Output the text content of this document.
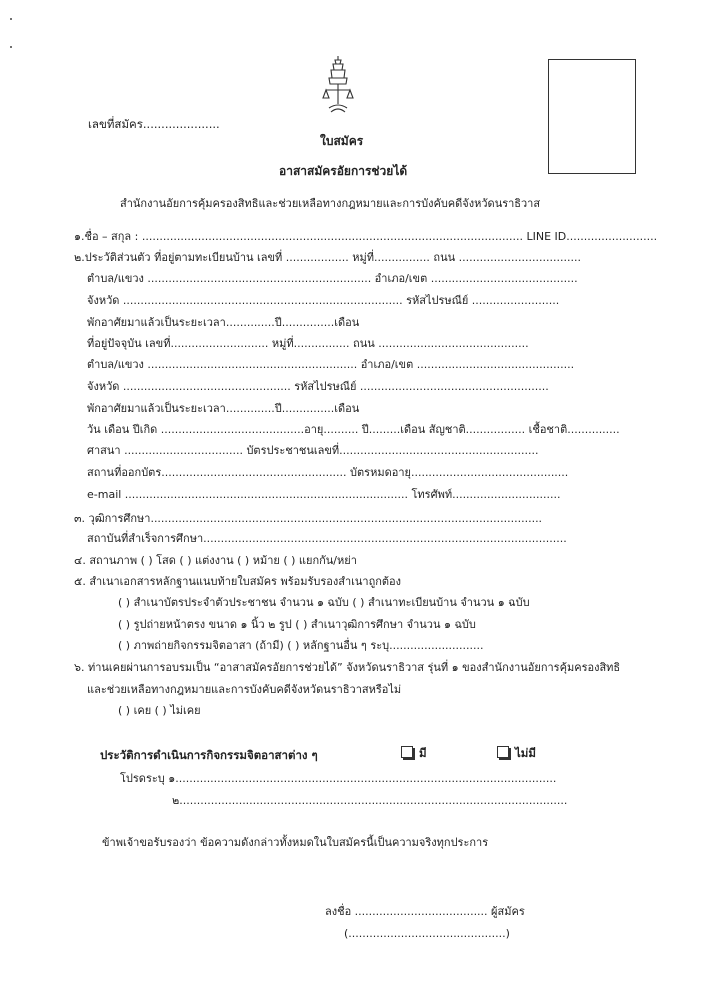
เลขที่สมัคร.....................
ใบสมัคร
อาสาสมัครอัยการช่วยได้
สำนักงานอัยการคุ้มครองสิทธิและช่วยเหลือทางกฎหมายและการบังคับคดีจังหวัดนราธิวาส
๑.ชื่อ – สกุล : ............................................................................................................. LINE ID..........................
๒.ประวัติส่วนตัว ที่อยู่ตามทะเบียนบ้าน เลขที่ .................. หมู่ที่................ ถนน ...................................
ตำบล/แขวง ................................................................ อำเภอ/เขต ..........................................
จังหวัด ................................................................................ รหัสไปรษณีย์ .........................
พักอาศัยมาแล้วเป็นระยะเวลา..............ปี...............เดือน
ที่อยู่ปัจจุบัน เลขที่............................ หมู่ที่................ ถนน ...........................................
ตำบล/แขวง ............................................................ อำเภอ/เขต .............................................
จังหวัด ................................................ รหัสไปรษณีย์ ......................................................
พักอาศัยมาแล้วเป็นระยะเวลา..............ปี...............เดือน
วัน เดือน ปีเกิด .........................................อายุ.......... ปี.........เดือน สัญชาติ................. เชื้อชาติ...............
ศาสนา .................................. บัตรประชาชนเลขที่.........................................................
สถานที่ออกบัตร..................................................... บัตรหมดอายุ.............................................
e-mail ................................................................................. โทรศัพท์...............................
๓. วุฒิการศึกษา................................................................................................................
สถาบันที่สำเร็จการศึกษา........................................................................................................
๔. สถานภาพ ( ) โสด ( ) แต่งงาน ( ) หม้าย ( ) แยกกัน/หย่า
๕. สำเนาเอกสารหลักฐานแนบท้ายใบสมัคร พร้อมรับรองสำเนาถูกต้อง
( ) สำเนาบัตรประจำตัวประชาชน จำนวน ๑ ฉบับ ( ) สำเนาทะเบียนบ้าน จำนวน ๑ ฉบับ
( ) รูปถ่ายหน้าตรง ขนาด ๑ นิ้ว ๒ รูป ( ) สำเนาวุฒิการศึกษา จำนวน ๑ ฉบับ
( ) ภาพถ่ายกิจกรรมจิตอาสา (ถ้ามี) ( ) หลักฐานอื่น ๆ ระบุ...........................
๖. ท่านเคยผ่านการอบรมเป็น “อาสาสมัครอัยการช่วยได้” จังหวัดนราธิวาส รุ่นที่ ๑ ของสำนักงานอัยการคุ้มครองสิทธิ
และช่วยเหลือทางกฎหมายและการบังคับคดีจังหวัดนราธิวาสหรือไม่
( ) เคย ( ) ไม่เคย
ประวัติการดำเนินการกิจกรรมจิตอาสาต่าง ๆ	มี	ไม่มี
โปรดระบุ ๑.............................................................................................................
๒...............................................................................................................
ข้าพเจ้าขอรับรองว่า ข้อความดังกล่าวทั้งหมดในใบสมัครนี้เป็นความจริงทุกประการ
ลงชื่อ ...................................... ผู้สมัคร
(.............................................)
